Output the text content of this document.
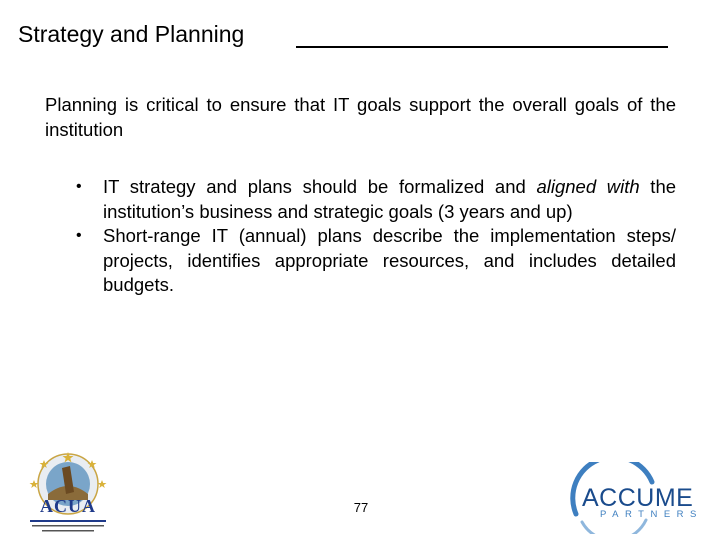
Strategy and Planning
Planning is critical to ensure that IT goals support the overall goals of the institution
• IT strategy and plans should be formalized and aligned with the institution’s business and strategic goals (3 years and up)
• Short-range IT (annual) plans describe the implementation steps/ projects, identifies appropriate resources, and includes detailed budgets.
77
ACUA	ACCUME
PARTNERS
